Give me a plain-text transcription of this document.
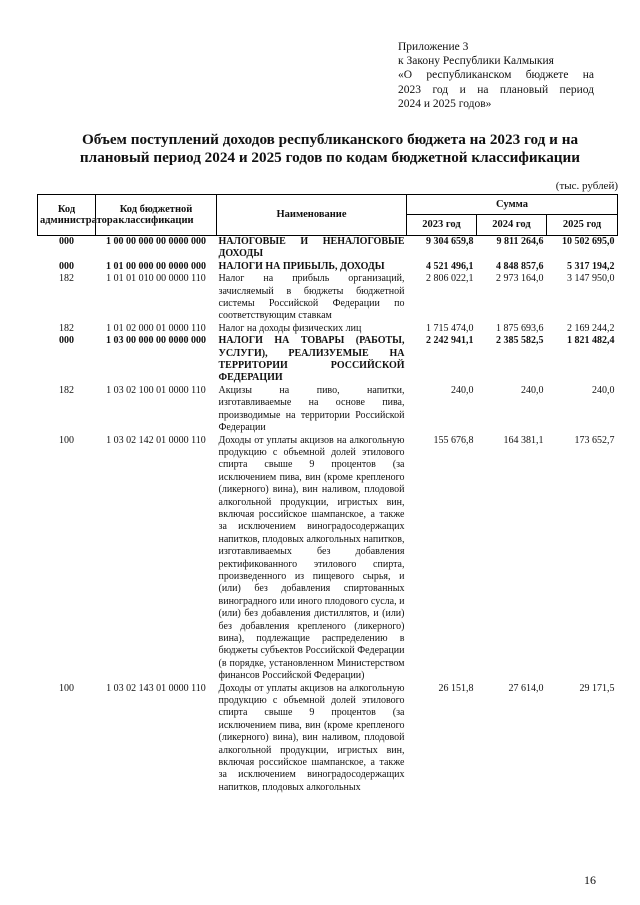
Приложение 3
к Закону Республики Калмыкия
«О республиканском бюджете на
2023 год и на плановый период
2024 и 2025 годов»
Объем поступлений доходов республиканского бюджета на 2023 год и на плановый период 2024 и 2025 годов по кодам бюджетной классификации
(тыс. рублей)
Код администратора	Код бюджетной классификации	Наименование	Сумма		
			2023 год	2024 год	2025 год
000	1 00 00 000 00 0000 000	НАЛОГОВЫЕ И НЕНАЛОГОВЫЕ ДОХОДЫ	9 304 659,8	9 811 264,6	10 502 695,0
000	1 01 00 000 00 0000 000	НАЛОГИ НА ПРИБЫЛЬ, ДОХОДЫ	4 521 496,1	4 848 857,6	5 317 194,2
182	1 01 01 010 00 0000 110	Налог на прибыль организаций, зачисляемый в бюджеты бюджетной системы Российской Федерации по соответствующим ставкам	2 806 022,1	2 973 164,0	3 147 950,0
182	1 01 02 000 01 0000 110	Налог на доходы физических лиц	1 715 474,0	1 875 693,6	2 169 244,2
000	1 03 00 000 00 0000 000	НАЛОГИ НА ТОВАРЫ (РАБОТЫ, УСЛУГИ), РЕАЛИЗУЕМЫЕ НА ТЕРРИТОРИИ РОССИЙСКОЙ ФЕДЕРАЦИИ	2 242 941,1	2 385 582,5	1 821 482,4
182	1 03 02 100 01 0000 110	Акцизы на пиво, напитки, изготавливаемые на основе пива, производимые на территории Российской Федерации	240,0	240,0	240,0
100	1 03 02 142 01 0000 110	Доходы от уплаты акцизов на алкогольную продукцию с объемной долей этилового спирта свыше 9 процентов (за исключением пива, вин (кроме крепленого (ликерного) вина), вин наливом, плодовой алкогольной продукции, игристых вин, включая российское шампанское, а также за исключением виноградосодержащих напитков, плодовых алкогольных напитков, изготавливаемых без добавления ректификованного этилового спирта, произведенного из пищевого сырья, и (или) без добавления спиртованных виноградного или иного плодового сусла, и (или) без добавления дистиллятов, и (или) без добавления крепленого (ликерного) вина), подлежащие распределению в бюджеты субъектов Российской Федерации (в порядке, установленном Министерством финансов Российской Федерации)	155 676,8	164 381,1	173 652,7
100	1 03 02 143 01 0000 110	Доходы от уплаты акцизов на алкогольную продукцию с объемной долей этилового спирта свыше 9 процентов (за исключением пива, вин (кроме крепленого (ликерного) вина), вин наливом, плодовой алкогольной продукции, игристых вин, включая российское шампанское, а также за исключением виноградосодержащих напитков, плодовых алкогольных	26 151,8	27 614,0	29 171,5
16
